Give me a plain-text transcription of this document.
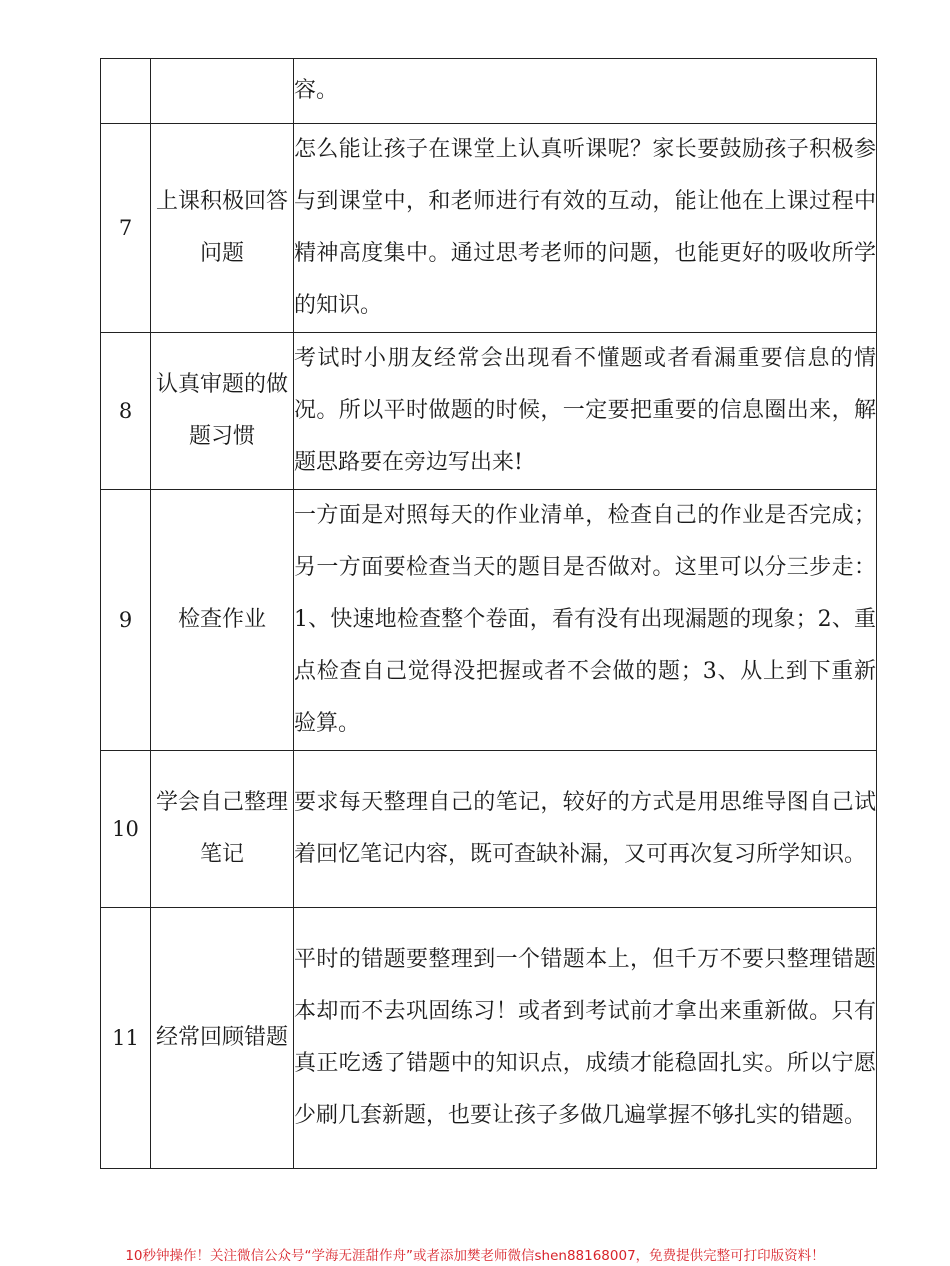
		容。
7	上课积极回答问题	怎么能让孩子在课堂上认真听课呢？家长要鼓励孩子积极参与到课堂中，和老师进行有效的互动，能让他在上课过程中精神高度集中。通过思考老师的问题，也能更好的吸收所学的知识。
8	认真审题的做题习惯	考试时小朋友经常会出现看不懂题或者看漏重要信息的情况。所以平时做题的时候，一定要把重要的信息圈出来，解题思路要在旁边写出来!
9	检查作业	一方面是对照每天的作业清单，检查自己的作业是否完成；另一方面要检查当天的题目是否做对。这里可以分三步走：1、快速地检查整个卷面，看有没有出现漏题的现象；2、重点检查自己觉得没把握或者不会做的题；3、从上到下重新验算。
10	学会自己整理笔记	要求每天整理自己的笔记，较好的方式是用思维导图自己试着回忆笔记内容，既可查缺补漏，又可再次复习所学知识。
11	经常回顾错题	平时的错题要整理到一个错题本上，但千万不要只整理错题本却而不去巩固练习！或者到考试前才拿出来重新做。只有真正吃透了错题中的知识点，成绩才能稳固扎实。所以宁愿少刷几套新题，也要让孩子多做几遍掌握不够扎实的错题。
10秒钟操作！关注微信公众号“学海无涯甜作舟”或者添加樊老师微信shen88168007，免费提供完整可打印版资料！
